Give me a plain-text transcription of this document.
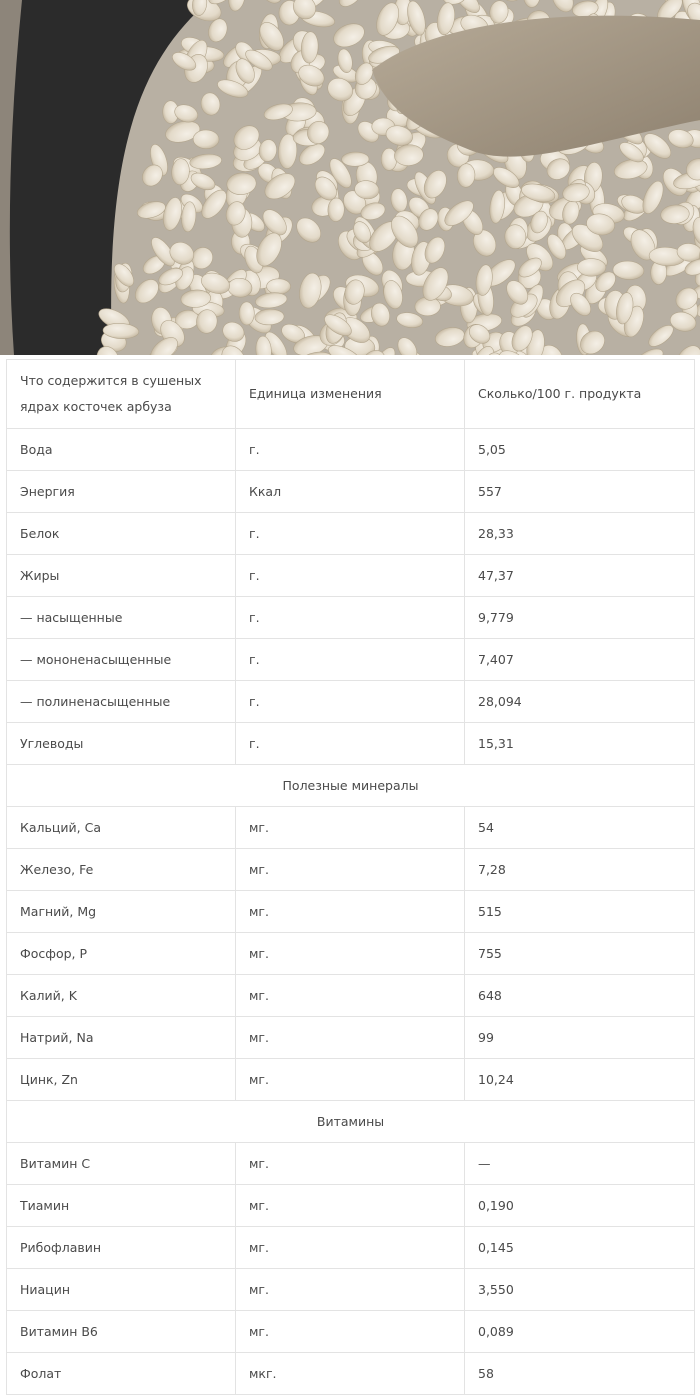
Что содержится в сушеных ядрах косточек арбуза	Единица изменения	Сколько/100 г. продукта
Вода	г.	5,05
Энергия	Ккал	557
Белок	г.	28,33
Жиры	г.	47,37
— насыщенные	г.	9,779
— мононенасыщенные	г.	7,407
— полиненасыщенные	г.	28,094
Углеводы	г.	15,31
Полезные минералы		
Кальций, Ca	мг.	54
Железо, Fe	мг.	7,28
Магний, Mg	мг.	515
Фосфор, P	мг.	755
Калий, K	мг.	648
Натрий, Na	мг.	99
Цинк, Zn	мг.	10,24
Витамины		
Витамин C	мг.	—
Тиамин	мг.	0,190
Рибофлавин	мг.	0,145
Ниацин	мг.	3,550
Витамин B6	мг.	0,089
Фолат	мкг.	58
